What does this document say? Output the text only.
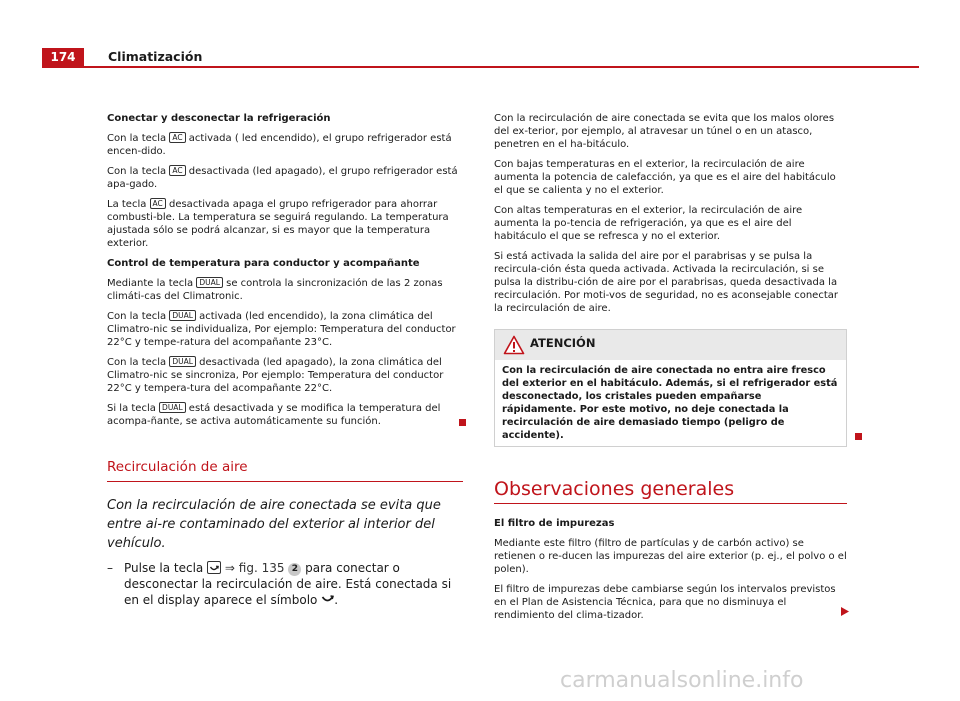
174	Climatización

Conectar y desconectar la refrigeración

Con la tecla AC activada ( led encendido), el grupo refrigerador está encen-dido.

Con la tecla AC desactivada (led apagado), el grupo refrigerador está apa-gado.

La tecla AC desactivada apaga el grupo refrigerador para ahorrar combusti-ble. La temperatura se seguirá regulando. La temperatura ajustada sólo se podrá alcanzar, si es mayor que la temperatura exterior.

Control de temperatura para conductor y acompañante

Mediante la tecla DUAL se controla la sincronización de las 2 zonas climáti-cas del Climatronic.

Con la tecla DUAL activada (led encendido), la zona climática del Climatro-nic se individualiza, Por ejemplo: Temperatura del conductor 22°C y tempe-ratura del acompañante 23°C.

Con la tecla DUAL desactivada (led apagado), la zona climática del Climatro-nic se sincroniza, Por ejemplo: Temperatura del conductor 22°C y tempera-tura del acompañante 22°C.

Si la tecla DUAL está desactivada y se modifica la temperatura del acompa-ñante, se activa automáticamente su función.

Recirculación de aire

Con la recirculación de aire conectada se evita que entre ai-re contaminado del exterior al interior del vehículo.

– Pulse la tecla  ⇒ fig. 135 2 para conectar o desconectar la recirculación de aire. Está conectada si en el display aparece el símbolo .

Con la recirculación de aire conectada se evita que los malos olores del ex-terior, por ejemplo, al atravesar un túnel o en un atasco, penetren en el ha-bitáculo.

Con bajas temperaturas en el exterior, la recirculación de aire aumenta la potencia de calefacción, ya que es el aire del habitáculo el que se calienta y no el exterior.

Con altas temperaturas en el exterior, la recirculación de aire aumenta la po-tencia de refrigeración, ya que es el aire del habitáculo el que se refresca y no el exterior.

Si está activada la salida del aire por el parabrisas y se pulsa la recircula-ción ésta queda activada. Activada la recirculación, si se pulsa la distribu-ción de aire por el parabrisas, queda desactivada la recirculación. Por moti-vos de seguridad, no es aconsejable conectar la recirculación de aire.

ATENCIÓN
Con la recirculación de aire conectada no entra aire fresco del exterior en el habitáculo. Además, si el refrigerador está desconectado, los cristales pueden empañarse rápidamente. Por este motivo, no deje conectada la recirculación de aire demasiado tiempo (peligro de accidente).

Observaciones generales

El filtro de impurezas

Mediante este filtro (filtro de partículas y de carbón activo) se retienen o re-ducen las impurezas del aire exterior (p. ej., el polvo o el polen).

El filtro de impurezas debe cambiarse según los intervalos previstos en el Plan de Asistencia Técnica, para que no disminuya el rendimiento del clima-tizador.

carmanualsonline.info
